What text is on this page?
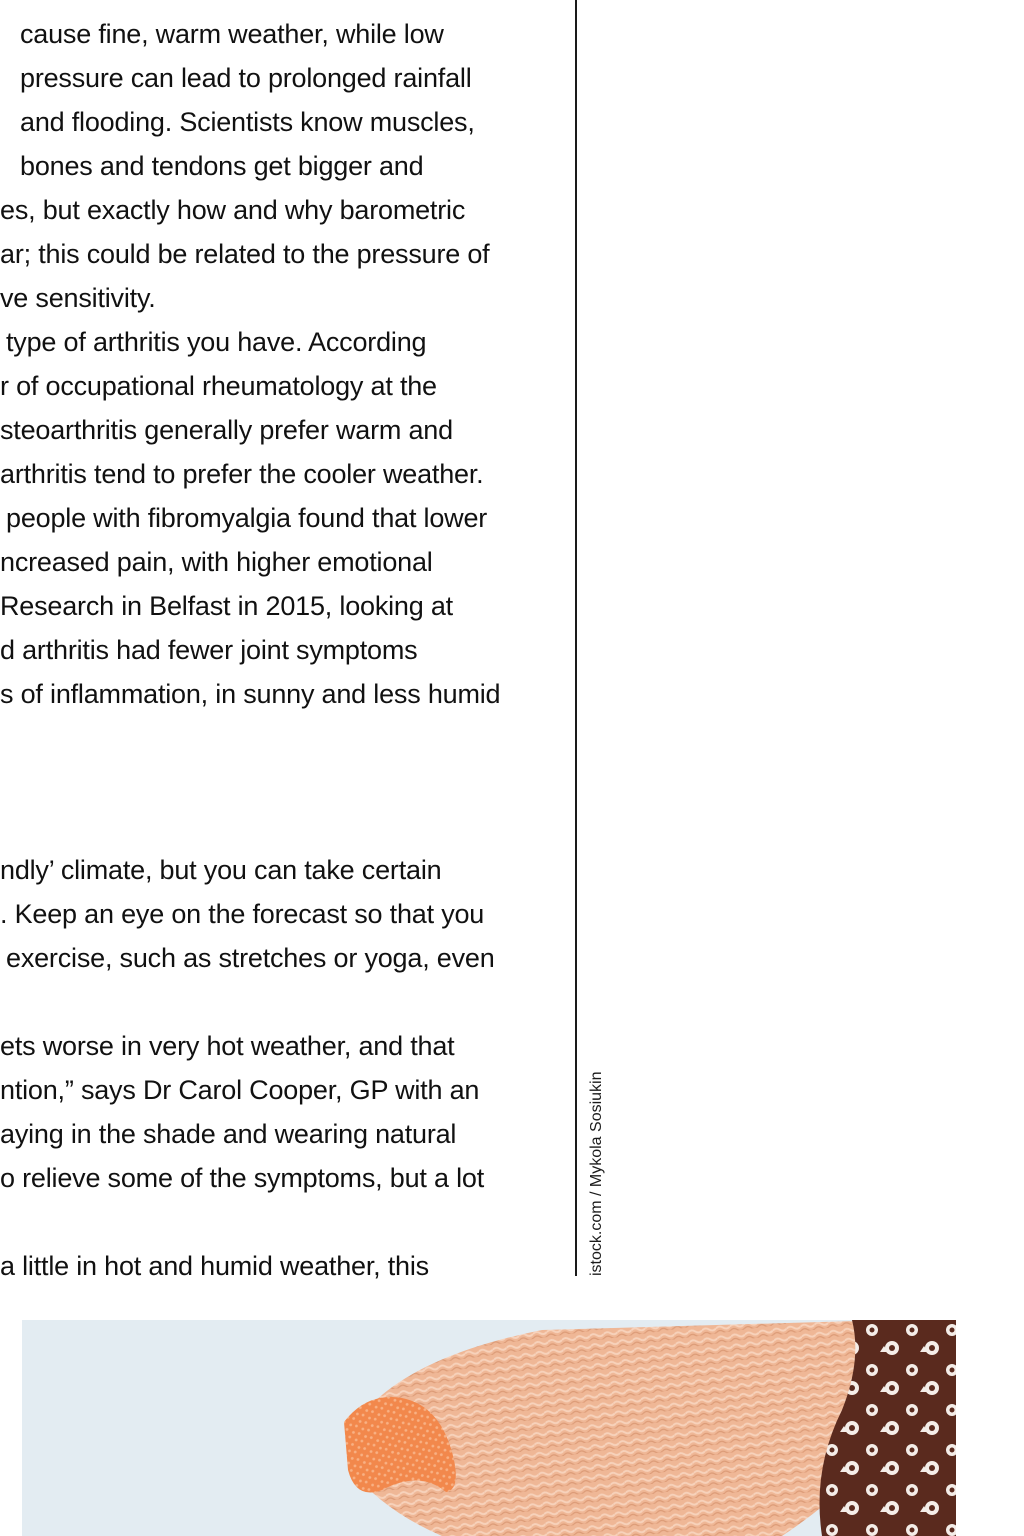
cause fine, warm weather, while low
pressure can lead to prolonged rainfall
and flooding. Scientists know muscles,
bones and tendons get bigger and
es, but exactly how and why barometric
ar; this could be related to the pressure of
ve sensitivity.
type of arthritis you have. According
r of occupational rheumatology at the
steoarthritis generally prefer warm and
arthritis tend to prefer the cooler weather.
people with fibromyalgia found that lower
ncreased pain, with higher emotional
Research in Belfast in 2015, looking at
d arthritis had fewer joint symptoms
s of inflammation, in sunny and less humid
ndly’ climate, but you can take certain
. Keep an eye on the forecast so that you
exercise, such as stretches or yoga, even
ets worse in very hot weather, and that
ntion,” says Dr Carol Cooper, GP with an
aying in the shade and wearing natural
o relieve some of the symptoms, but a lot
a little in hot and humid weather, this	istock.com / Mykola Sosiukin
